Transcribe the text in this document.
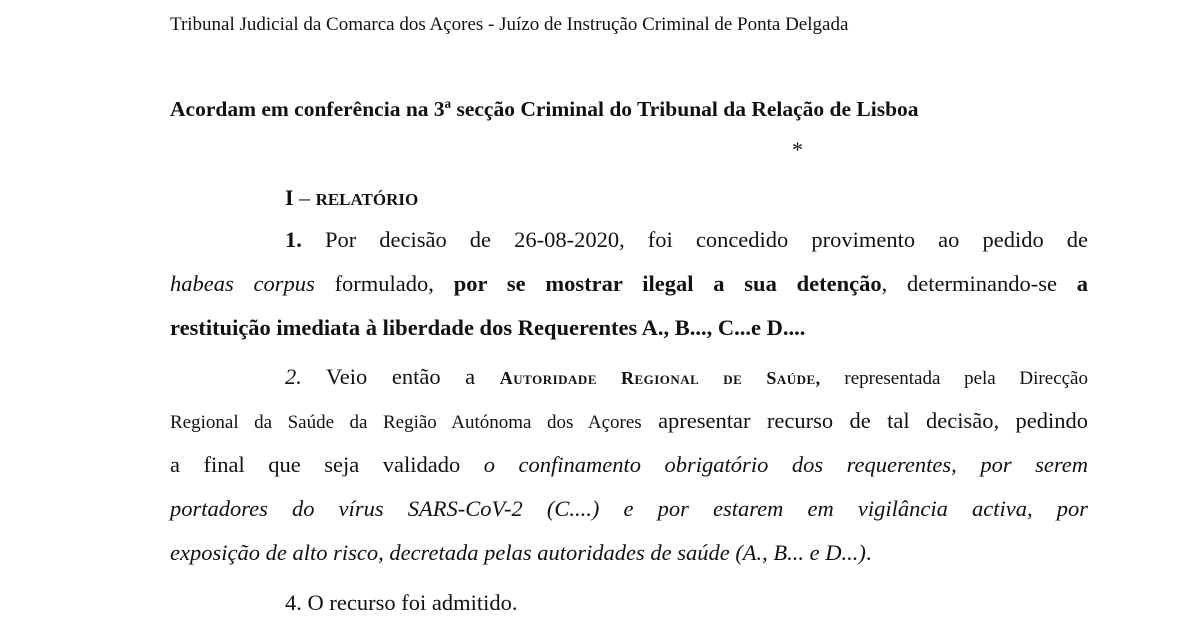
Tribunal Judicial da Comarca dos Açores - Juízo de Instrução Criminal de Ponta Delgada
Acordam em conferência na 3ª secção Criminal do Tribunal da Relação de Lisboa
*
I – RELATÓRIO
1. Por decisão de 26-08-2020, foi concedido provimento ao pedido de
habeas corpus formulado, por se mostrar ilegal a sua detenção, determinando-se a
restituição imediata à liberdade dos Requerentes A., B..., C...e D....
2. Veio então a Autoridade Regional de Saúde, representada pela Direcção
Regional da Saúde da Região Autónoma dos Açores apresentar recurso de tal decisão, pedindo
a final que seja validado o confinamento obrigatório dos requerentes, por serem
portadores do vírus SARS-CoV-2 (C....) e por estarem em vigilância activa, por
exposição de alto risco, decretada pelas autoridades de saúde (A., B... e D...).
4. O recurso foi admitido.
